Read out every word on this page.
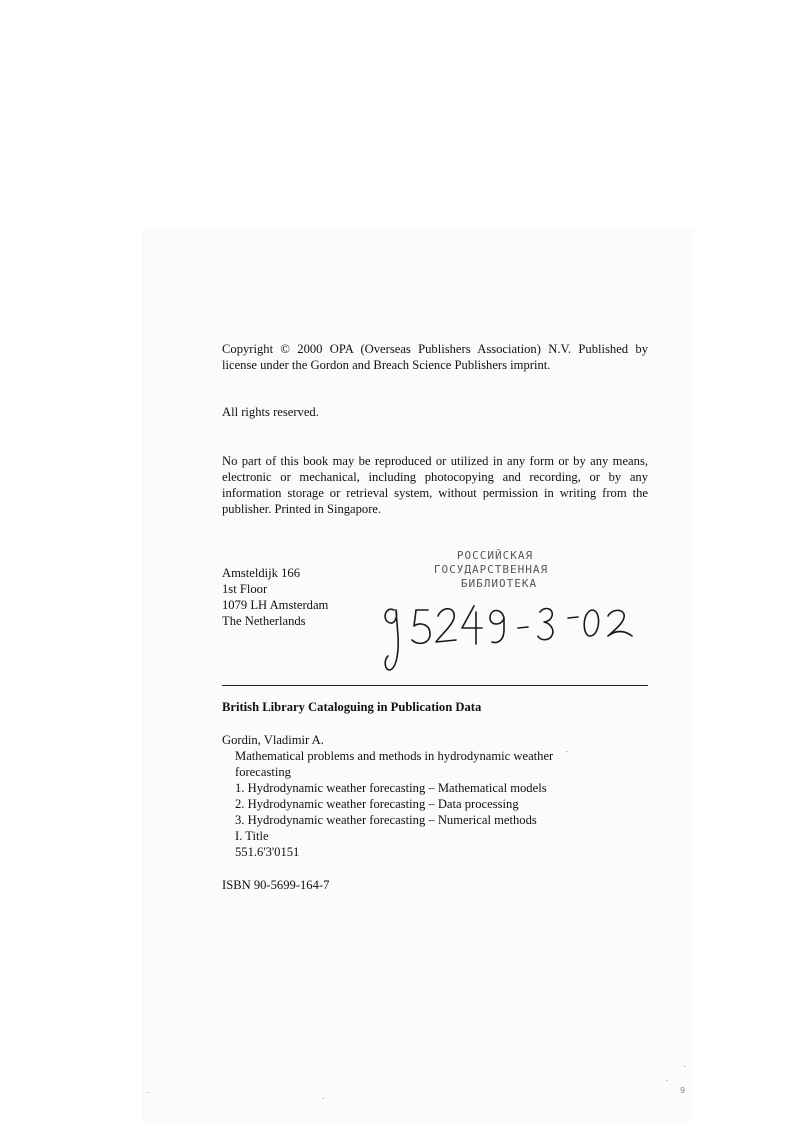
Copyright © 2000 OPA (Overseas Publishers Association) N.V. Published by license under the Gordon and Breach Science Publishers imprint.
All rights reserved.
No part of this book may be reproduced or utilized in any form or by any means, electronic or mechanical, including photocopying and recording, or by any information storage or retrieval system, without permission in writing from the publisher. Printed in Singapore.
Amsteldijk 166
1st Floor
1079 LH Amsterdam
The Netherlands
РОССИЙСКАЯ
ГОСУДАРСТВЕННАЯ
БИБЛИОТЕКА
British Library Cataloguing in Publication Data
Gordin, Vladimir A.
Mathematical problems and methods in hydrodynamic weather
forecasting
1. Hydrodynamic weather forecasting – Mathematical models
2. Hydrodynamic weather forecasting – Data processing
3. Hydrodynamic weather forecasting – Numerical methods
I. Title
551.6'3'0151
ISBN 90-5699-164-7
9
